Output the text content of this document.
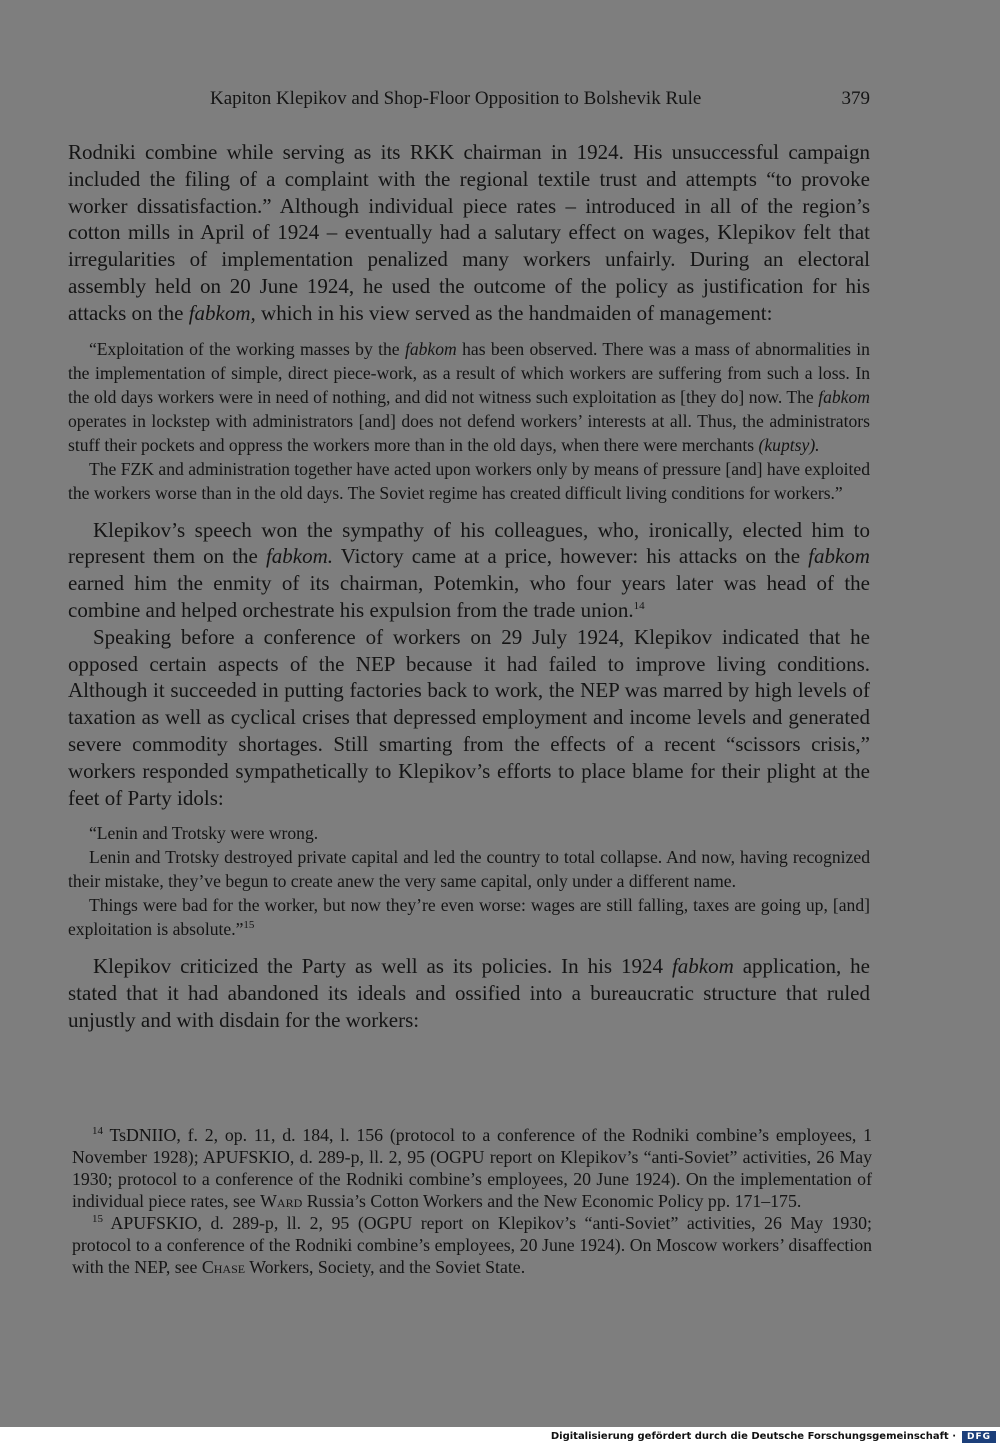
Kapiton Klepikov and Shop-Floor Opposition to Bolshevik Rule	379

Rodniki combine while serving as its RKK chairman in 1924. His unsuccessful campaign included the filing of a complaint with the regional textile trust and attempts “to provoke worker dissatisfaction.” Although individual piece rates – introduced in all of the region’s cotton mills in April of 1924 – eventually had a salutary effect on wages, Klepikov felt that irregularities of implementation penalized many workers unfairly. During an electoral assembly held on 20 June 1924, he used the outcome of the policy as justification for his attacks on the fabkom, which in his view served as the handmaiden of management:

“Exploitation of the working masses by the fabkom has been observed. There was a mass of abnormalities in the implementation of simple, direct piece-work, as a result of which workers are suffering from such a loss. In the old days workers were in need of nothing, and did not witness such exploitation as [they do] now. The fabkom operates in lockstep with administrators [and] does not defend workers’ interests at all. Thus, the administrators stuff their pockets and oppress the workers more than in the old days, when there were merchants (kuptsy).

The FZK and administration together have acted upon workers only by means of pressure [and] have exploited the workers worse than in the old days. The Soviet regime has created difficult living conditions for workers.”

Klepikov’s speech won the sympathy of his colleagues, who, ironically, elected him to represent them on the fabkom. Victory came at a price, however: his attacks on the fabkom earned him the enmity of its chairman, Potemkin, who four years later was head of the combine and helped orchestrate his expulsion from the trade union.$^{14}$

Speaking before a conference of workers on 29 July 1924, Klepikov indicated that he opposed certain aspects of the NEP because it had failed to improve living conditions. Although it succeeded in putting factories back to work, the NEP was marred by high levels of taxation as well as cyclical crises that depressed employment and income levels and generated severe commodity shortages. Still smarting from the effects of a recent “scissors crisis,” workers responded sympathetically to Klepikov’s efforts to place blame for their plight at the feet of Party idols:

“Lenin and Trotsky were wrong.

Lenin and Trotsky destroyed private capital and led the country to total collapse. And now, having recognized their mistake, they’ve begun to create anew the very same capital, only under a different name.

Things were bad for the worker, but now they’re even worse: wages are still falling, taxes are going up, [and] exploitation is absolute.”$^{15}$

Klepikov criticized the Party as well as its policies. In his 1924 fabkom application, he stated that it had abandoned its ideals and ossified into a bureaucratic structure that ruled unjustly and with disdain for the workers:

$^{14}$ TsDNIIO, f. 2, op. 11, d. 184, l. 156 (protocol to a conference of the Rodniki combine’s employees, 1 November 1928); APUFSKIO, d. 289-p, ll. 2, 95 (OGPU report on Klepikov’s “anti-Soviet” activities, 26 May 1930; protocol to a conference of the Rodniki combine’s employees, 20 June 1924). On the implementation of individual piece rates, see Ward Russia’s Cotton Workers and the New Economic Policy pp. 171–175.

$^{15}$ APUFSKIO, d. 289-p, ll. 2, 95 (OGPU report on Klepikov’s “anti-Soviet” activities, 26 May 1930; protocol to a conference of the Rodniki combine’s employees, 20 June 1924). On Moscow workers’ disaffection with the NEP, see Chase Workers, Society, and the Soviet State.

Digitalisierung gefördert durch die Deutsche Forschungsgemeinschaft ·	DFG
